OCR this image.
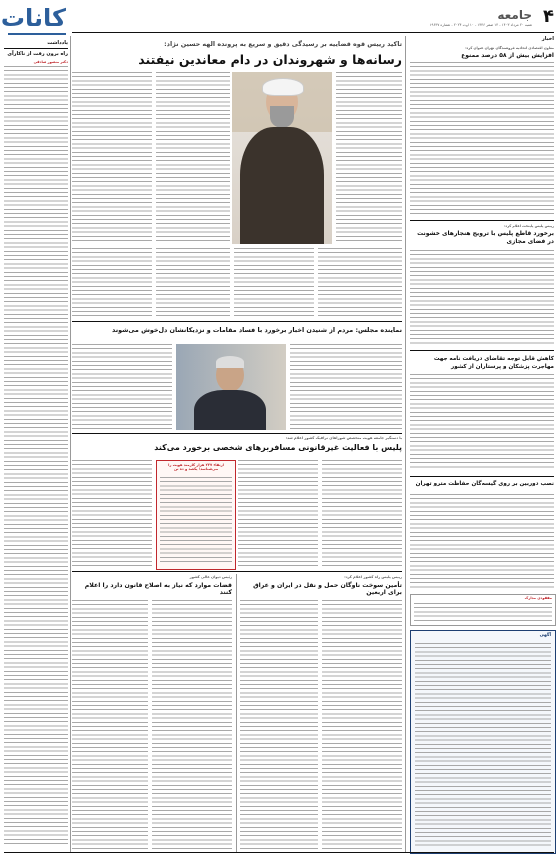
۴
جامعه
شنبه ۲۰ مرداد ۱۴۰۳ - ۱۴ صفر ۱۴۴۶ - ۱۰ اوت ۲۰۲۴ - شماره ۱۹۶۳۷
کانات
اخبار
یادداشت
راه برون رفت از ناکارآی
دکتر منصور صادقی
تاکید رییس قوه قضاییه بر رسیدگی دقیق و سریع به پرونده الهه حسین نژاد:
رسانه‌ها و شهروندان در دام معاندین نیفتند
نماینده مجلس: مردم از شنیدن اخبار برخورد با فساد مقامات و نزدیکانشان دل‌خوش می‌شوند
با دستگیر جامعه هویت متخصص شوراهای ترافیک کشور اعلام شد:
پلیس با فعالیت غیرقانونی مسافربرهای شخصی برخورد می‌کند
ارتقاء ۲۳۷ هزار کارمند هویت را می‌شناسد؛ یکصد و ده تن
رئیس دیوان عالی کشور
قضات موارد که نیاز به اصلاح قانون دارد را اعلام کنند
رییس پلیس راه کشور اعلام کرد:
تأمین سوخت ناوگان حمل و نقل در ایران و عراق برای اربعین
معاون اقتصادی اتحادیه فروشندگان تهران عنوان کرد:
افزایش بیش از ۵۸ درصد ممنوع
رییس پلیس پایتخت اعلام کرد:
برخورد قاطع پلیس با ترویج هنجارهای خشونت در فضای مجازی
کاهش قابل توجه تقاضای دریافت نامه جهت مهاجرت پزشکان و پرستاران از کشور
نصب دوربین بر روی گیسه‌گان حفاظت مترو تهران
مفقودی مدارک
آگهی
